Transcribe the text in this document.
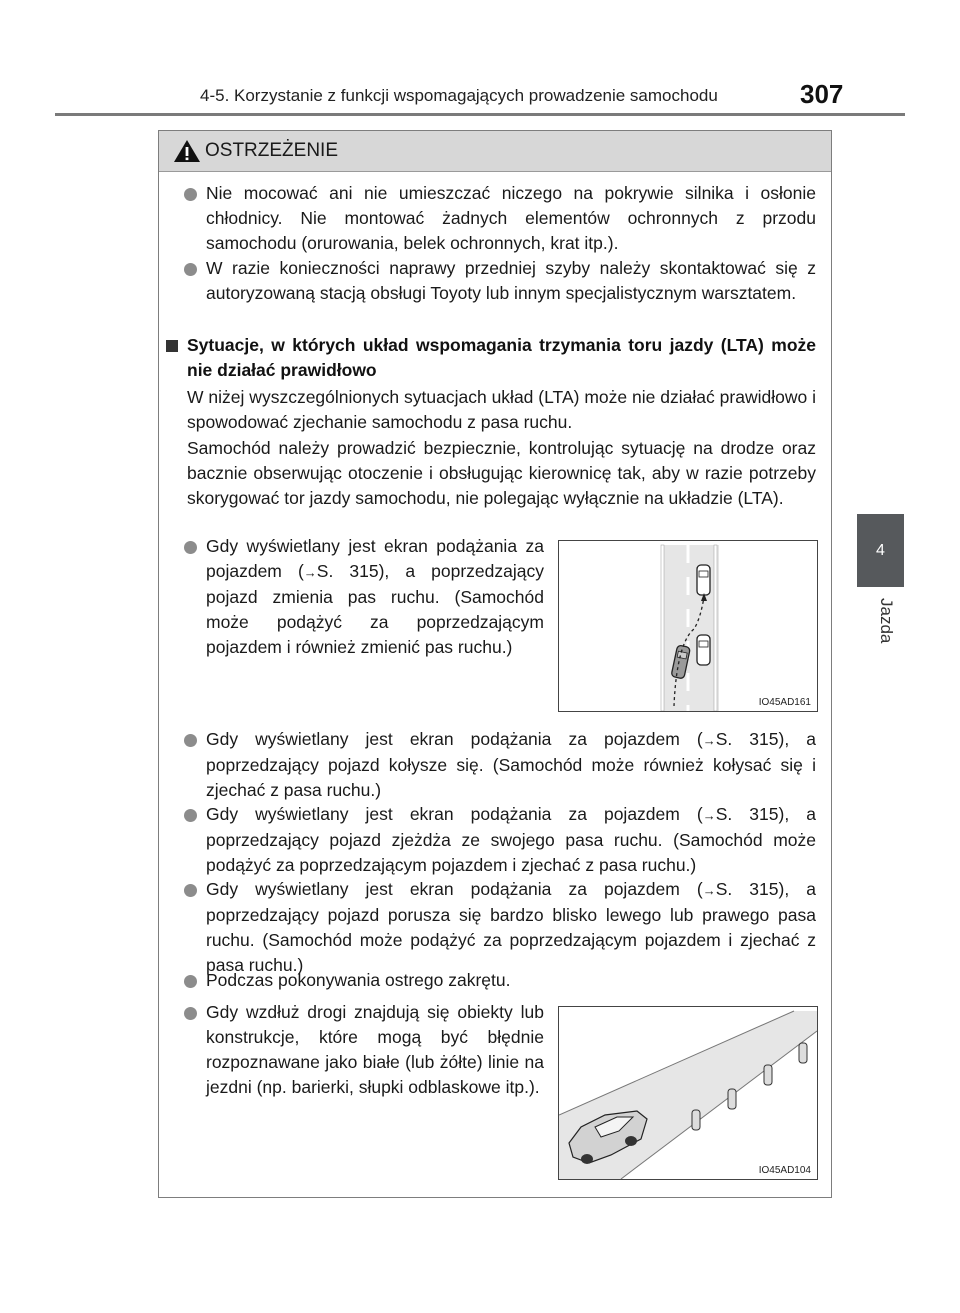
4-5. Korzystanie z funkcji wspomagających prowadzenie samochodu	307
4
Jazda
OSTRZEŻENIE

Nie mocować ani nie umieszczać niczego na pokrywie silnika i osłonie chłodnicy. Nie montować żadnych elementów ochronnych z przodu samochodu (orurowania, belek ochronnych, krat itp.).

W razie konieczności naprawy przedniej szyby należy skontaktować się z autoryzowaną stacją obsługi Toyoty lub innym specjalistycznym warsztatem.

Sytuacje, w których układ wspomagania trzymania toru jazdy (LTA) może nie działać prawidłowo

W niżej wyszczególnionych sytuacjach układ (LTA) może nie działać prawidłowo i spowodować zjechanie samochodu z pasa ruchu.

Samochód należy prowadzić bezpiecznie, kontrolując sytuację na drodze oraz bacznie obserwując otoczenie i obsługując kierownicę tak, aby w razie potrzeby skorygować tor jazdy samochodu, nie polegając wyłącznie na układzie (LTA).

Gdy wyświetlany jest ekran podążania za pojazdem (→S. 315), a poprzedzający pojazd zmienia pas ruchu. (Samochód może podążyć za poprzedzającym pojazdem i również zmienić pas ruchu.)

IO45AD161

Gdy wyświetlany jest ekran podążania za pojazdem (→S. 315), a poprzedzający pojazd kołysze się. (Samochód może również kołysać się i zjechać z pasa ruchu.)

Gdy wyświetlany jest ekran podążania za pojazdem (→S. 315), a poprzedzający pojazd zjeżdża ze swojego pasa ruchu. (Samochód może podążyć za poprzedzającym pojazdem i zjechać z pasa ruchu.)

Gdy wyświetlany jest ekran podążania za pojazdem (→S. 315), a poprzedzający pojazd porusza się bardzo blisko lewego lub prawego pasa ruchu. (Samochód może podążyć za poprzedzającym pojazdem i zjechać z pasa ruchu.)

Podczas pokonywania ostrego zakrętu.

Gdy wzdłuż drogi znajdują się obiekty lub konstrukcje, które mogą być błędnie rozpoznawane jako białe (lub żółte) linie na jezdni (np. barierki, słupki odblaskowe itp.).

IO45AD104
